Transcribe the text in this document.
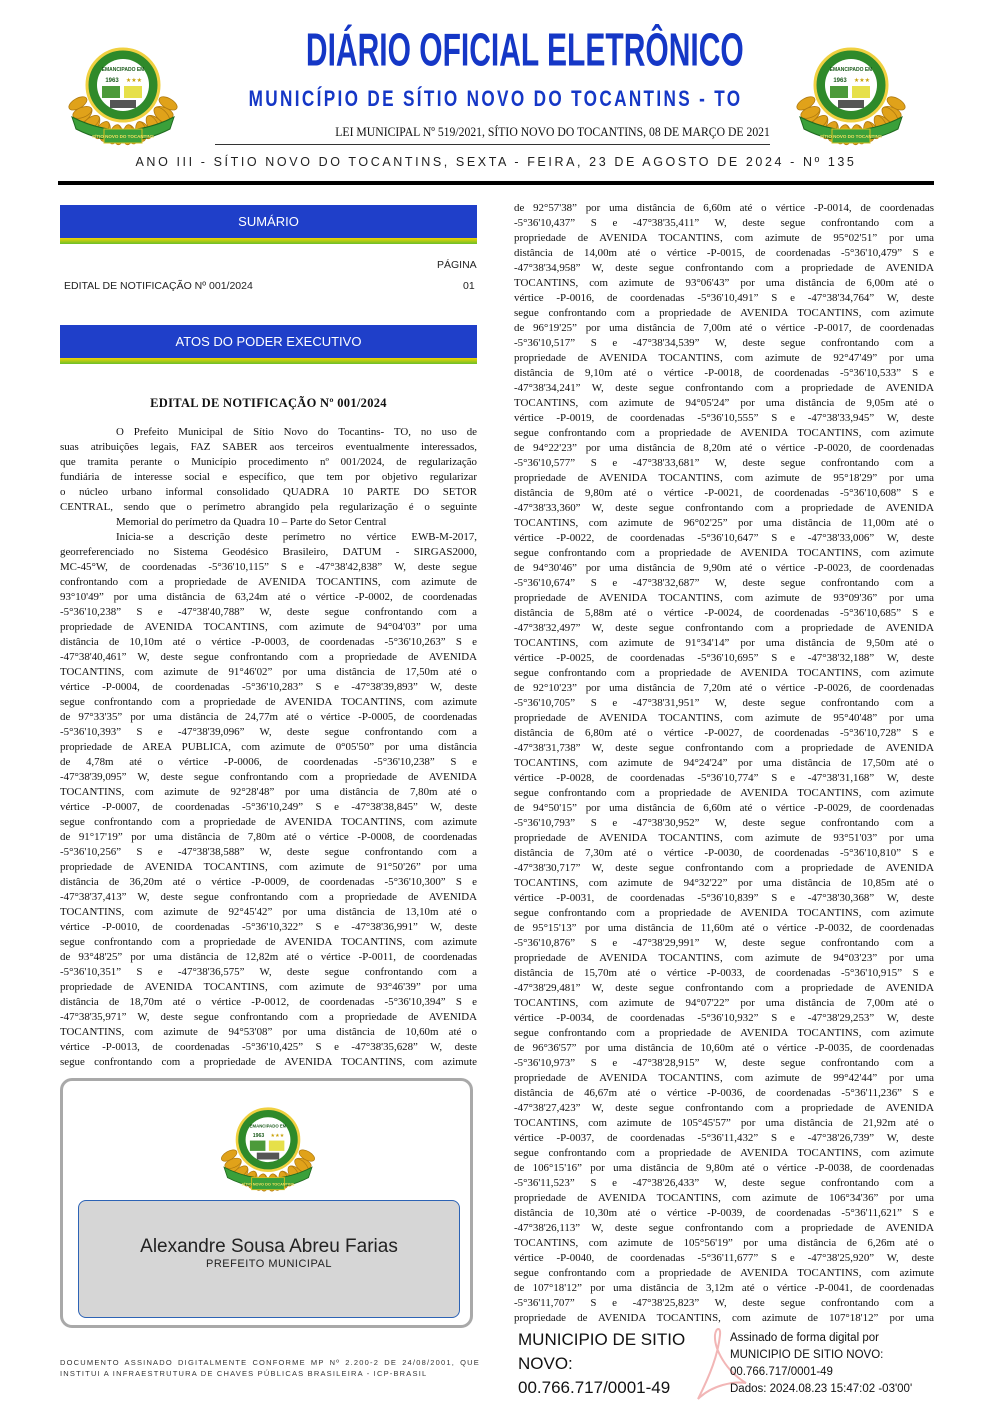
EMANCIPADO EM
1963 ★★★
SÍTIO NOVO DO TOCANTINS
EMANCIPADO EM
1963 ★★★
SÍTIO NOVO DO TOCANTINS
DIÁRIO OFICIAL ELETRÔNICO
MUNICÍPIO DE SÍTIO NOVO DO TOCANTINS - TO
LEI MUNICIPAL Nº 519/2021, SÍTIO NOVO DO TOCANTINS, 08 DE MARÇO DE 2021
ANO III - SÍTIO NOVO DO TOCANTINS, SEXTA - FEIRA, 23 DE AGOSTO DE 2024 - Nº 135
SUMÁRIO
PÁGINA
EDITAL DE NOTIFICAÇÃO Nº 001/2024	01
ATOS DO PODER EXECUTIVO
EDITAL DE NOTIFICAÇÃO Nº 001/2024
O Prefeito Municipal de Sítio Novo do Tocantins- TO, no uso de
suas atribuições legais, FAZ SABER aos terceiros eventualmente interessados,
que tramita perante o Município procedimento nº 001/2024, de regularização
fundiária de interesse social e específico, que tem por objetivo regularizar
o núcleo urbano informal consolidado QUADRA 10 PARTE DO SETOR
CENTRAL, sendo que o perímetro abrangido pela regularização é o seguinte
Memorial do perímetro da Quadra 10 – Parte do Setor Central
Inicia-se a descrição deste perímetro no vértice EWB-M-2017,
georreferenciado no Sistema Geodésico Brasileiro, DATUM - SIRGAS2000,
MC-45°W, de coordenadas -5°36'10,115” S e -47°38'42,838” W, deste segue
confrontando com a propriedade de AVENIDA TOCANTINS, com azimute de
93°10'49” por uma distância de 63,24m até o vértice -P-0002, de coordenadas
-5°36'10,238” S e -47°38'40,788” W, deste segue confrontando com a
propriedade de AVENIDA TOCANTINS, com azimute de 94°04'03” por uma
distância de 10,10m até o vértice -P-0003, de coordenadas -5°36'10,263” S e
-47°38'40,461” W, deste segue confrontando com a propriedade de AVENIDA
TOCANTINS, com azimute de 91°46'02” por uma distância de 17,50m até o
vértice -P-0004, de coordenadas -5°36'10,283” S e -47°38'39,893” W, deste
segue confrontando com a propriedade de AVENIDA TOCANTINS, com azimute
de 97°33'35” por uma distância de 24,77m até o vértice -P-0005, de coordenadas
-5°36'10,393” S e -47°38'39,096” W, deste segue confrontando com a
propriedade de AREA PUBLICA, com azimute de 0°05'50” por uma distância
de 4,78m até o vértice -P-0006, de coordenadas -5°36'10,238” S e
-47°38'39,095” W, deste segue confrontando com a propriedade de AVENIDA
TOCANTINS, com azimute de 92°28'48” por uma distância de 7,80m até o
vértice -P-0007, de coordenadas -5°36'10,249” S e -47°38'38,845” W, deste
segue confrontando com a propriedade de AVENIDA TOCANTINS, com azimute
de 91°17'19” por uma distância de 7,80m até o vértice -P-0008, de coordenadas
-5°36'10,256” S e -47°38'38,588” W, deste segue confrontando com a
propriedade de AVENIDA TOCANTINS, com azimute de 91°50'26” por uma
distância de 36,20m até o vértice -P-0009, de coordenadas -5°36'10,300” S e
-47°38'37,413” W, deste segue confrontando com a propriedade de AVENIDA
TOCANTINS, com azimute de 92°45'42” por uma distância de 13,10m até o
vértice -P-0010, de coordenadas -5°36'10,322” S e -47°38'36,991” W, deste
segue confrontando com a propriedade de AVENIDA TOCANTINS, com azimute
de 93°48'25” por uma distância de 12,82m até o vértice -P-0011, de coordenadas
-5°36'10,351” S e -47°38'36,575” W, deste segue confrontando com a
propriedade de AVENIDA TOCANTINS, com azimute de 93°46'39” por uma
distância de 18,70m até o vértice -P-0012, de coordenadas -5°36'10,394” S e
-47°38'35,971” W, deste segue confrontando com a propriedade de AVENIDA
TOCANTINS, com azimute de 94°53'08” por uma distância de 10,60m até o
vértice -P-0013, de coordenadas -5°36'10,425” S e -47°38'35,628” W, deste
segue confrontando com a propriedade de AVENIDA TOCANTINS, com azimute
de 92°57'38” por uma distância de 6,60m até o vértice -P-0014, de coordenadas
-5°36'10,437” S e -47°38'35,411” W, deste segue confrontando com a
propriedade de AVENIDA TOCANTINS, com azimute de 95°02'51” por uma
distância de 14,00m até o vértice -P-0015, de coordenadas -5°36'10,479” S e
-47°38'34,958” W, deste segue confrontando com a propriedade de AVENIDA
TOCANTINS, com azimute de 93°06'43” por uma distância de 6,00m até o
vértice -P-0016, de coordenadas -5°36'10,491” S e -47°38'34,764” W, deste
segue confrontando com a propriedade de AVENIDA TOCANTINS, com azimute
de 96°19'25” por uma distância de 7,00m até o vértice -P-0017, de coordenadas
-5°36'10,517” S e -47°38'34,539” W, deste segue confrontando com a
propriedade de AVENIDA TOCANTINS, com azimute de 92°47'49” por uma
distância de 9,10m até o vértice -P-0018, de coordenadas -5°36'10,533” S e
-47°38'34,241” W, deste segue confrontando com a propriedade de AVENIDA
TOCANTINS, com azimute de 94°05'24” por uma distância de 9,05m até o
vértice -P-0019, de coordenadas -5°36'10,555” S e -47°38'33,945” W, deste
segue confrontando com a propriedade de AVENIDA TOCANTINS, com azimute
de 94°22'23” por uma distância de 8,20m até o vértice -P-0020, de coordenadas
-5°36'10,577” S e -47°38'33,681” W, deste segue confrontando com a
propriedade de AVENIDA TOCANTINS, com azimute de 95°18'29” por uma
distância de 9,80m até o vértice -P-0021, de coordenadas -5°36'10,608” S e
-47°38'33,360” W, deste segue confrontando com a propriedade de AVENIDA
TOCANTINS, com azimute de 96°02'25” por uma distância de 11,00m até o
vértice -P-0022, de coordenadas -5°36'10,647” S e -47°38'33,006” W, deste
segue confrontando com a propriedade de AVENIDA TOCANTINS, com azimute
de 94°30'46” por uma distância de 9,90m até o vértice -P-0023, de coordenadas
-5°36'10,674” S e -47°38'32,687” W, deste segue confrontando com a
propriedade de AVENIDA TOCANTINS, com azimute de 93°09'36” por uma
distância de 5,88m até o vértice -P-0024, de coordenadas -5°36'10,685” S e
-47°38'32,497” W, deste segue confrontando com a propriedade de AVENIDA
TOCANTINS, com azimute de 91°34'14” por uma distância de 9,50m até o
vértice -P-0025, de coordenadas -5°36'10,695” S e -47°38'32,188” W, deste
segue confrontando com a propriedade de AVENIDA TOCANTINS, com azimute
de 92°10'23” por uma distância de 7,20m até o vértice -P-0026, de coordenadas
-5°36'10,705” S e -47°38'31,951” W, deste segue confrontando com a
propriedade de AVENIDA TOCANTINS, com azimute de 95°40'48” por uma
distância de 6,80m até o vértice -P-0027, de coordenadas -5°36'10,728” S e
-47°38'31,738” W, deste segue confrontando com a propriedade de AVENIDA
TOCANTINS, com azimute de 94°24'24” por uma distância de 17,50m até o
vértice -P-0028, de coordenadas -5°36'10,774” S e -47°38'31,168” W, deste
segue confrontando com a propriedade de AVENIDA TOCANTINS, com azimute
de 94°50'15” por uma distância de 6,60m até o vértice -P-0029, de coordenadas
-5°36'10,793” S e -47°38'30,952” W, deste segue confrontando com a
propriedade de AVENIDA TOCANTINS, com azimute de 93°51'03” por uma
distância de 7,30m até o vértice -P-0030, de coordenadas -5°36'10,810” S e
-47°38'30,717” W, deste segue confrontando com a propriedade de AVENIDA
TOCANTINS, com azimute de 94°32'22” por uma distância de 10,85m até o
vértice -P-0031, de coordenadas -5°36'10,839” S e -47°38'30,368” W, deste
segue confrontando com a propriedade de AVENIDA TOCANTINS, com azimute
de 95°15'13” por uma distância de 11,60m até o vértice -P-0032, de coordenadas
-5°36'10,876” S e -47°38'29,991” W, deste segue confrontando com a
propriedade de AVENIDA TOCANTINS, com azimute de 94°03'23” por uma
distância de 15,70m até o vértice -P-0033, de coordenadas -5°36'10,915” S e
-47°38'29,481” W, deste segue confrontando com a propriedade de AVENIDA
TOCANTINS, com azimute de 94°07'22” por uma distância de 7,00m até o
vértice -P-0034, de coordenadas -5°36'10,932” S e -47°38'29,253” W, deste
segue confrontando com a propriedade de AVENIDA TOCANTINS, com azimute
de 96°36'57” por uma distância de 10,60m até o vértice -P-0035, de coordenadas
-5°36'10,973” S e -47°38'28,915” W, deste segue confrontando com a
propriedade de AVENIDA TOCANTINS, com azimute de 99°42'44” por uma
distância de 46,67m até o vértice -P-0036, de coordenadas -5°36'11,236” S e
-47°38'27,423” W, deste segue confrontando com a propriedade de AVENIDA
TOCANTINS, com azimute de 105°45'57” por uma distância de 21,92m até o
vértice -P-0037, de coordenadas -5°36'11,432” S e -47°38'26,739” W, deste
segue confrontando com a propriedade de AVENIDA TOCANTINS, com azimute
de 106°15'16” por uma distância de 9,80m até o vértice -P-0038, de coordenadas
-5°36'11,523” S e -47°38'26,433” W, deste segue confrontando com a
propriedade de AVENIDA TOCANTINS, com azimute de 106°34'36” por uma
distância de 10,30m até o vértice -P-0039, de coordenadas -5°36'11,621” S e
-47°38'26,113” W, deste segue confrontando com a propriedade de AVENIDA
TOCANTINS, com azimute de 105°56'19” por uma distância de 6,26m até o
vértice -P-0040, de coordenadas -5°36'11,677” S e -47°38'25,920” W, deste
segue confrontando com a propriedade de AVENIDA TOCANTINS, com azimute
de 107°18'12” por uma distância de 3,12m até o vértice -P-0041, de coordenadas
-5°36'11,707” S e -47°38'25,823” W, deste segue confrontando com a
propriedade de AVENIDA TOCANTINS, com azimute de 107°18'12” por uma
EMANCIPADO EM
1963 ★★★
SÍTIO NOVO DO TOCANTINS
Alexandre Sousa Abreu Farias
PREFEITO MUNICIPAL
DOCUMENTO ASSINADO DIGITALMENTE CONFORME MP Nº 2.200-2 DE 24/08/2001, QUE INSTITUI A INFRAESTRUTURA DE CHAVES PÚBLICAS BRASILEIRA - ICP-BRASIL
MUNICIPIO DE SITIO
NOVO:
00.766.717/0001-49
Assinado de forma digital por
MUNICIPIO DE SITIO NOVO:
00.766.717/0001-49
Dados: 2024.08.23 15:47:02 -03'00'
